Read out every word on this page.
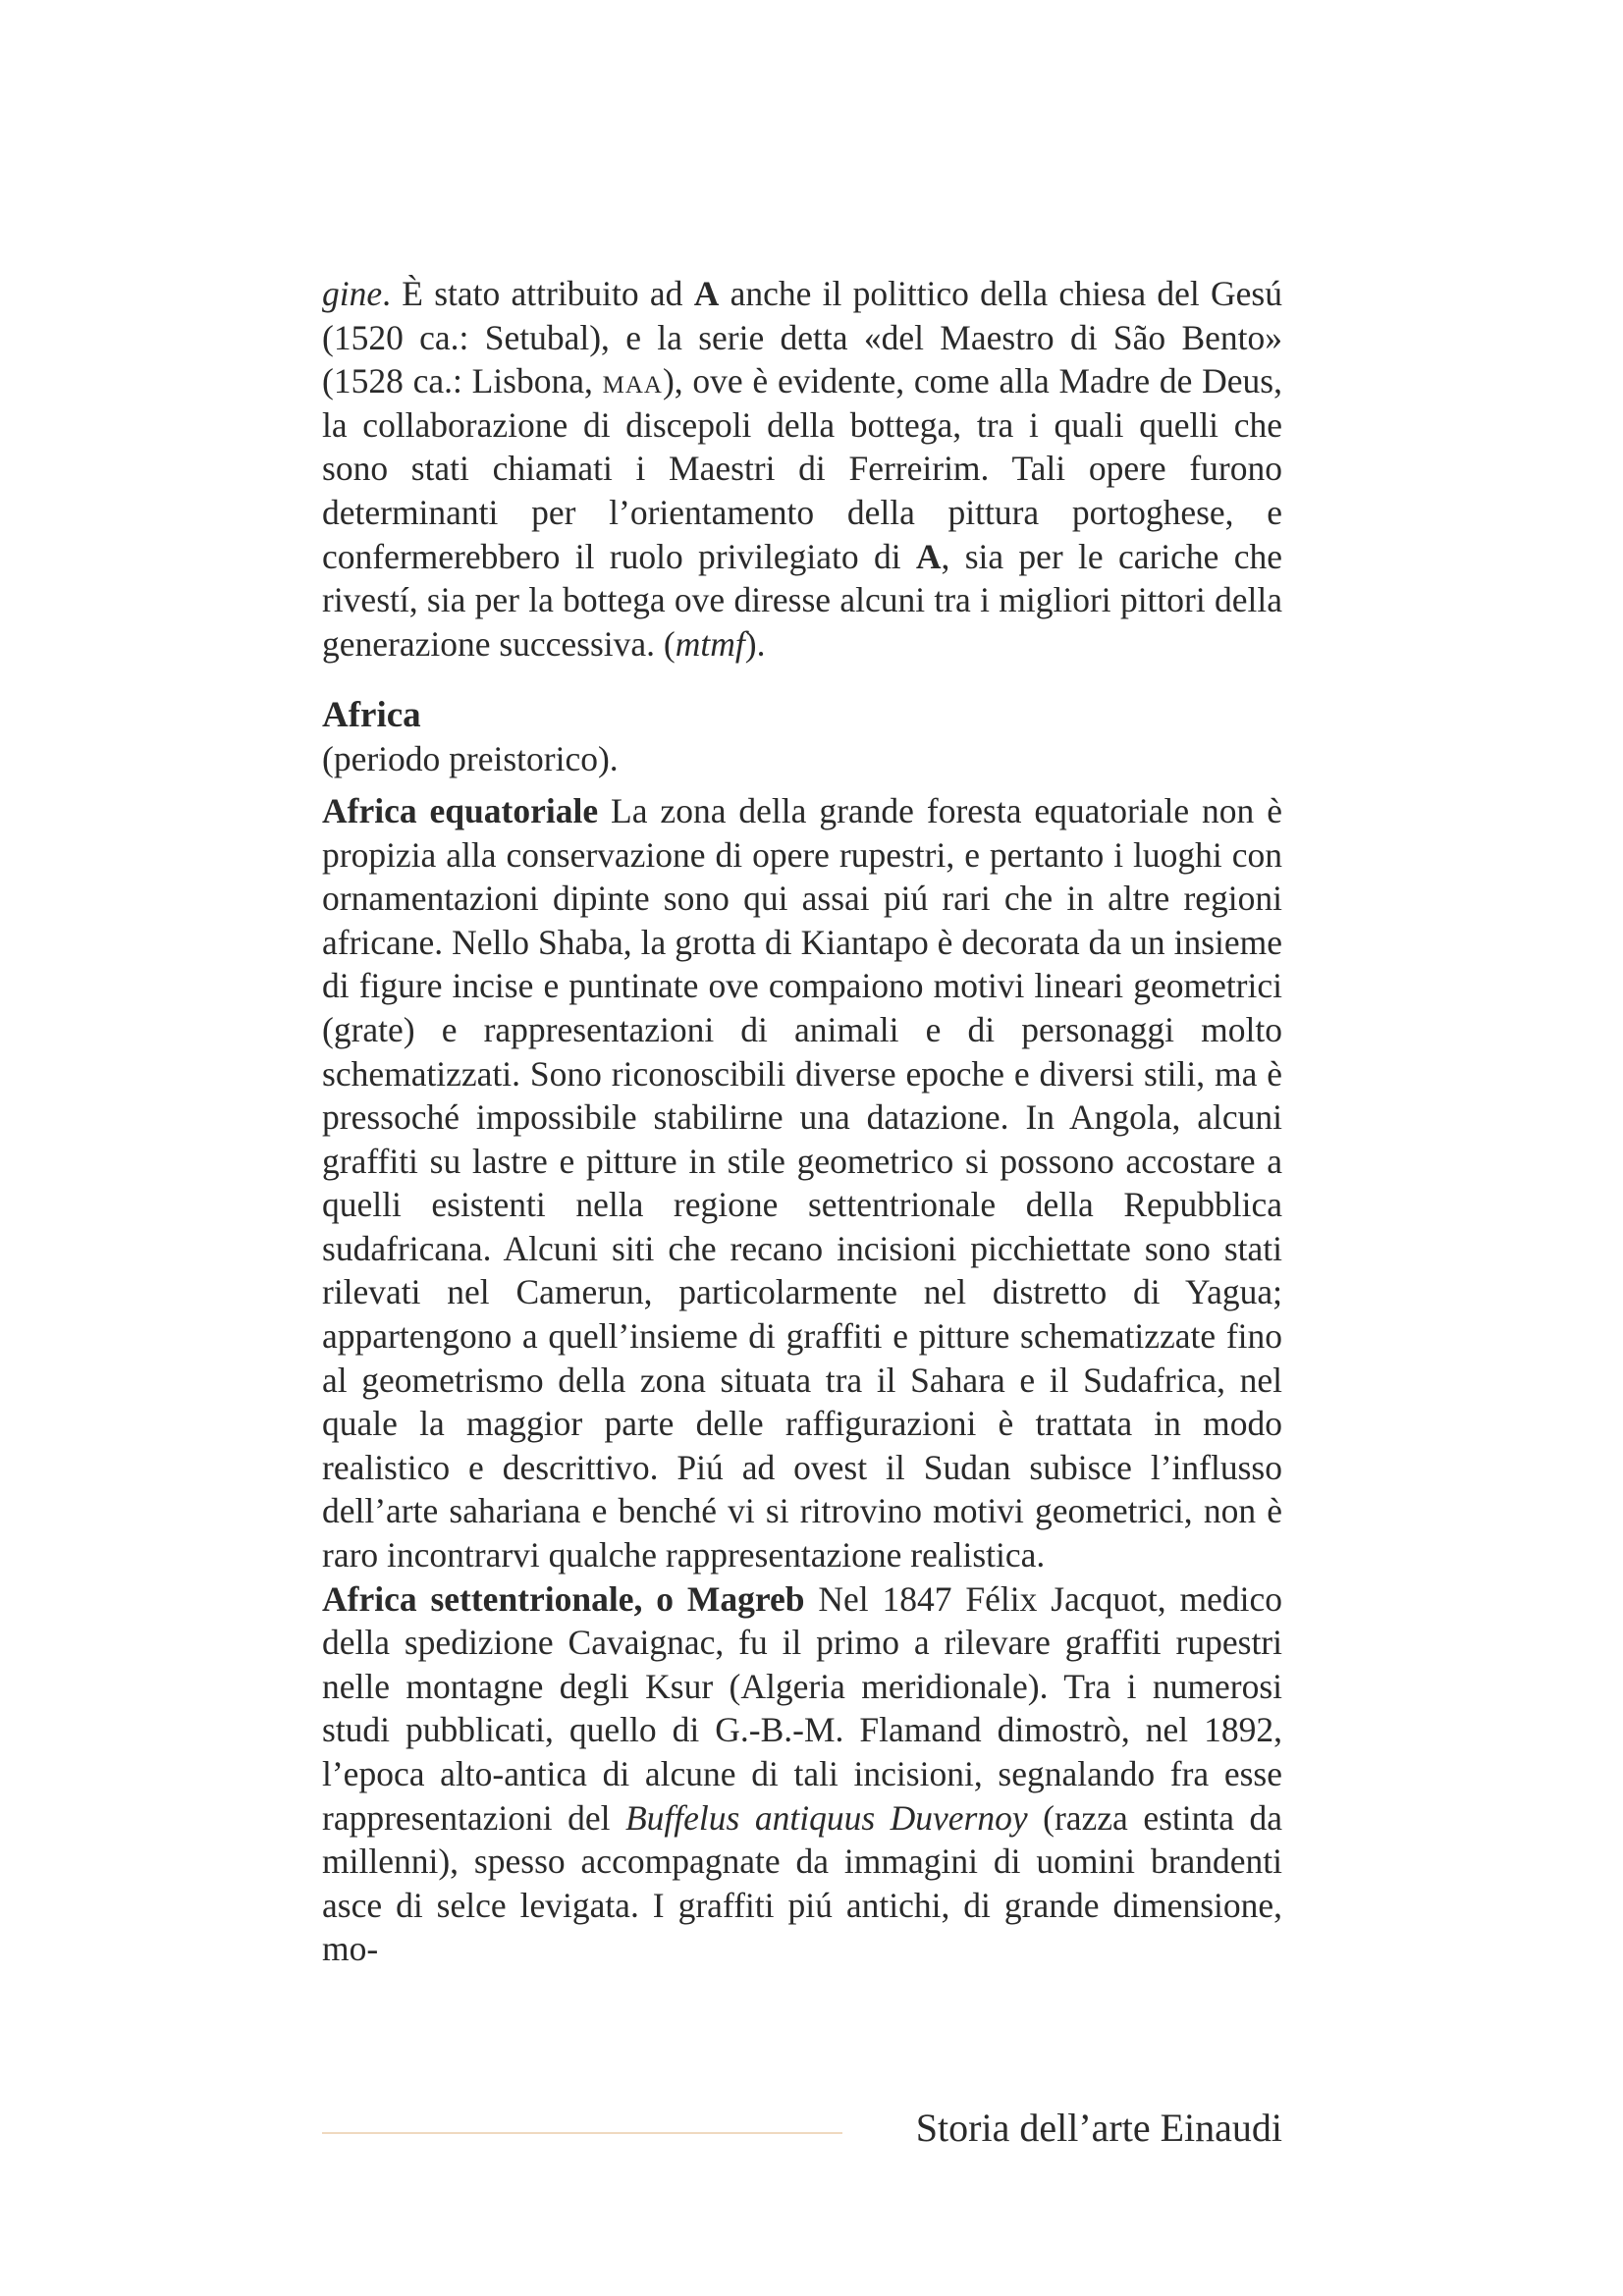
gine. È stato attribuito ad A anche il polittico della chiesa del Gesú (1520 ca.: Setubal), e la serie detta «del Maestro di São Bento» (1528 ca.: Lisbona, maa), ove è evidente, come alla Madre de Deus, la collaborazione di discepoli della bottega, tra i quali quelli che sono stati chiamati i Maestri di Ferreirim. Tali opere furono determinanti per l’orientamento della pittura portoghese, e confermerebbero il ruolo privilegiato di A, sia per le cariche che rivestí, sia per la bottega ove diresse alcuni tra i migliori pittori della generazione successiva. (mtmf).

Africa

(periodo preistorico).

Africa equatoriale La zona della grande foresta equatoriale non è propizia alla conservazione di opere rupestri, e pertanto i luoghi con ornamentazioni dipinte sono qui assai piú rari che in altre regioni africane. Nello Shaba, la grotta di Kiantapo è decorata da un insieme di figure incise e puntinate ove compaiono motivi lineari geometrici (grate) e rappresentazioni di animali e di personaggi molto schematizzati. Sono riconoscibili diverse epoche e diversi stili, ma è pressoché impossibile stabilirne una datazione. In Angola, alcuni graffiti su lastre e pitture in stile geometrico si possono accostare a quelli esistenti nella regione settentrionale della Repubblica sudafricana. Alcuni siti che recano incisioni picchiettate sono stati rilevati nel Camerun, particolarmente nel distretto di Yagua; appartengono a quell’insieme di graffiti e pitture schematizzate fino al geometrismo della zona situata tra il Sahara e il Sudafrica, nel quale la maggior parte delle raffigurazioni è trattata in modo realistico e descrittivo. Piú ad ovest il Sudan subisce l’influsso dell’arte sahariana e benché vi si ritrovino motivi geometrici, non è raro incontrarvi qualche rappresentazione realistica.

Africa settentrionale, o Magreb Nel 1847 Félix Jacquot, medico della spedizione Cavaignac, fu il primo a rilevare graffiti rupestri nelle montagne degli Ksur (Algeria meridionale). Tra i numerosi studi pubblicati, quello di G.-B.-M. Flamand dimostrò, nel 1892, l’epoca alto-antica di alcune di tali incisioni, segnalando fra esse rappresentazioni del Buffelus antiquus Duvernoy (razza estinta da millenni), spesso accompagnate da immagini di uomini brandenti asce di selce levigata. I graffiti piú antichi, di grande dimensione, mo-

Storia dell’arte Einaudi
